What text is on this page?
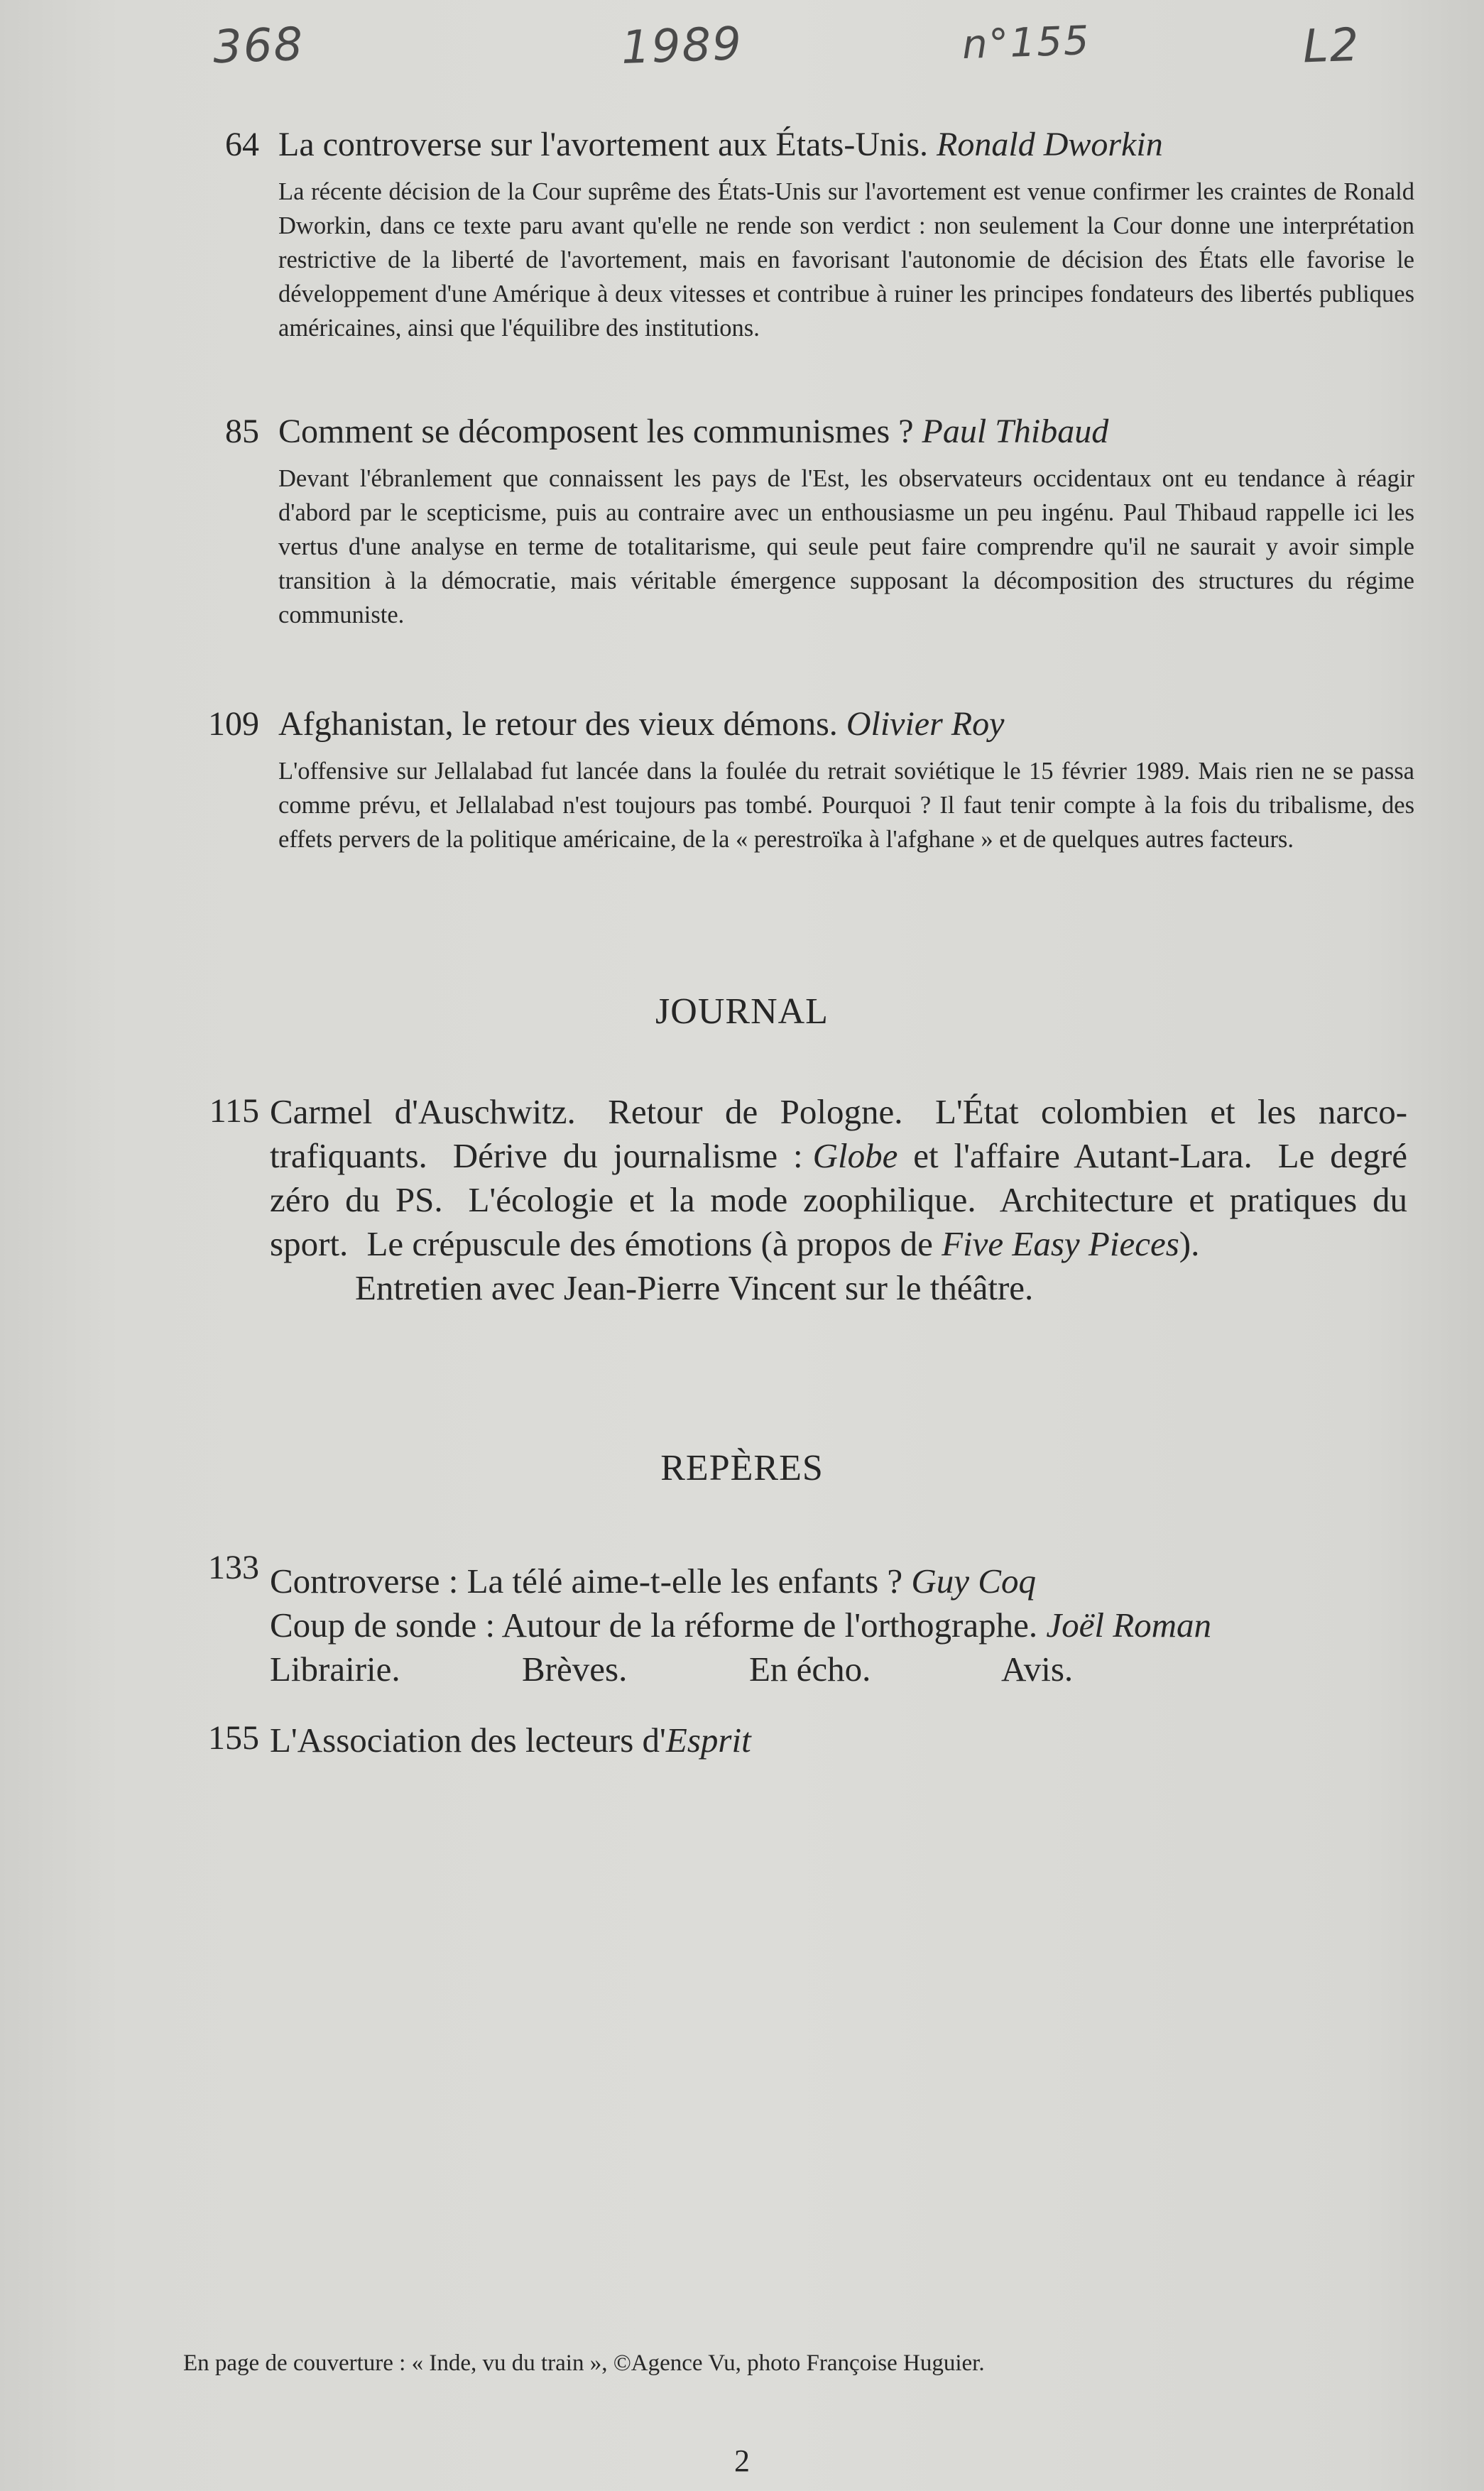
368	1989	n°155	L2
64 La controverse sur l'avortement aux États-Unis. Ronald Dworkin
La récente décision de la Cour suprême des États-Unis sur l'avortement est venue confirmer les craintes de Ronald Dworkin, dans ce texte paru avant qu'elle ne rende son verdict : non seulement la Cour donne une interprétation restrictive de la liberté de l'avortement, mais en favorisant l'autonomie de décision des États elle favorise le développement d'une Amérique à deux vitesses et contribue à ruiner les principes fondateurs des libertés publiques américaines, ainsi que l'équilibre des institutions.
85 Comment se décomposent les communismes ? Paul Thibaud
Devant l'ébranlement que connaissent les pays de l'Est, les observateurs occidentaux ont eu tendance à réagir d'abord par le scepticisme, puis au contraire avec un enthousiasme un peu ingénu. Paul Thibaud rappelle ici les vertus d'une analyse en terme de totalitarisme, qui seule peut faire comprendre qu'il ne saurait y avoir simple transition à la démocratie, mais véritable émergence supposant la décomposition des structures du régime communiste.
109 Afghanistan, le retour des vieux démons. Olivier Roy
L'offensive sur Jellalabad fut lancée dans la foulée du retrait soviétique le 15 février 1989. Mais rien ne se passa comme prévu, et Jellalabad n'est toujours pas tombé. Pourquoi ? Il faut tenir compte à la fois du tribalisme, des effets pervers de la politique américaine, de la « perestroïka à l'afghane » et de quelques autres facteurs.
JOURNAL
115 Carmel d'Auschwitz. Retour de Pologne. L'État colombien et les narco-trafiquants. Dérive du journalisme : Globe et l'affaire Autant-Lara. Le degré zéro du PS. L'écologie et la mode zoophilique. Architecture et pratiques du sport. Le crépuscule des émotions (à propos de Five Easy Pieces).
Entretien avec Jean-Pierre Vincent sur le théâtre.
REPÈRES
133 Controverse : La télé aime-t-elle les enfants ? Guy Coq
Coup de sonde : Autour de la réforme de l'orthographe. Joël Roman
Librairie.	Brèves.	En écho.	Avis.
155 L'Association des lecteurs d'Esprit
En page de couverture : « Inde, vu du train », ©Agence Vu, photo Françoise Huguier.
2
